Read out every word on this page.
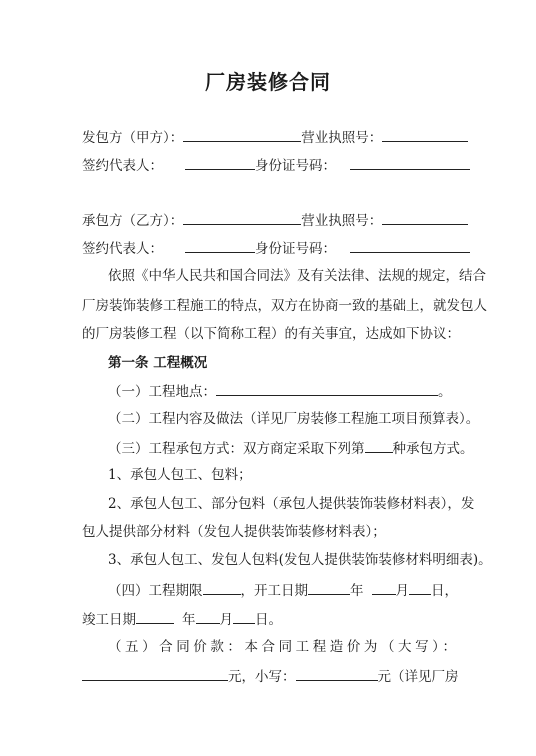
厂房装修合同
发包方（甲方）：	营业执照号：
签约代表人：	身份证号码：
承包方（乙方）：	营业执照号：
签约代表人：	身份证号码：
依照《中华人民共和国合同法》及有关法律、法规的规定，结合
厂房装饰装修工程施工的特点，双方在协商一致的基础上，就发包人
的厂房装修工程（以下简称工程）的有关事宜，达成如下协议：
第一条 工程概况
（一）工程地点：	。
（二）工程内容及做法（详见厂房装修工程施工项目预算表）。
（三）工程承包方式：双方商定采取下列第 种承包方式。
1、承包人包工、包料；
2、承包人包工、部分包料（承包人提供装饰装修材料表），发
包人提供部分材料（发包人提供装饰装修材料表）；
3、承包人包工、发包人包料(发包人提供装饰装修材料明细表)。
（四）工程期限	，开工日期	年 月 日，
竣工日期	年 月 日。
（五）合同价款：本合同工程造价为（大写）：
元，小写：	元（详见厂房
